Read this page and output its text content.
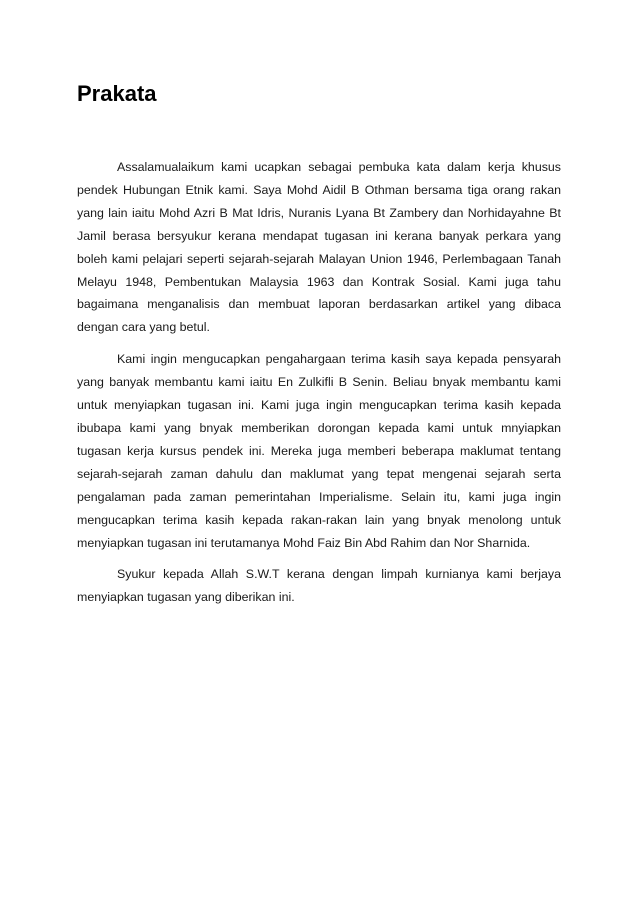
Prakata

Assalamualaikum kami ucapkan sebagai pembuka kata dalam kerja khusus pendek Hubungan Etnik kami. Saya Mohd Aidil B Othman bersama tiga orang rakan yang lain iaitu Mohd Azri B Mat Idris, Nuranis Lyana Bt Zambery dan Norhidayahne Bt Jamil berasa bersyukur kerana mendapat tugasan ini kerana banyak perkara yang boleh kami pelajari seperti sejarah-sejarah Malayan Union 1946, Perlembagaan Tanah Melayu 1948, Pembentukan Malaysia 1963 dan Kontrak Sosial. Kami juga tahu bagaimana menganalisis dan membuat laporan berdasarkan artikel yang dibaca dengan cara yang betul.

Kami ingin mengucapkan pengahargaan terima kasih saya kepada pensyarah yang banyak membantu kami iaitu En Zulkifli B Senin. Beliau bnyak membantu kami untuk menyiapkan tugasan ini. Kami juga ingin mengucapkan terima kasih kepada ibubapa kami yang bnyak memberikan dorongan kepada kami untuk mnyiapkan tugasan kerja kursus pendek ini. Mereka juga memberi beberapa maklumat tentang sejarah-sejarah zaman dahulu dan maklumat yang tepat mengenai sejarah serta pengalaman pada zaman pemerintahan Imperialisme. Selain itu, kami juga ingin mengucapkan terima kasih kepada rakan-rakan lain yang bnyak menolong untuk menyiapkan tugasan ini terutamanya Mohd Faiz Bin Abd Rahim dan Nor Sharnida.

Syukur kepada Allah S.W.T kerana dengan limpah kurnianya kami berjaya menyiapkan tugasan yang diberikan ini.
